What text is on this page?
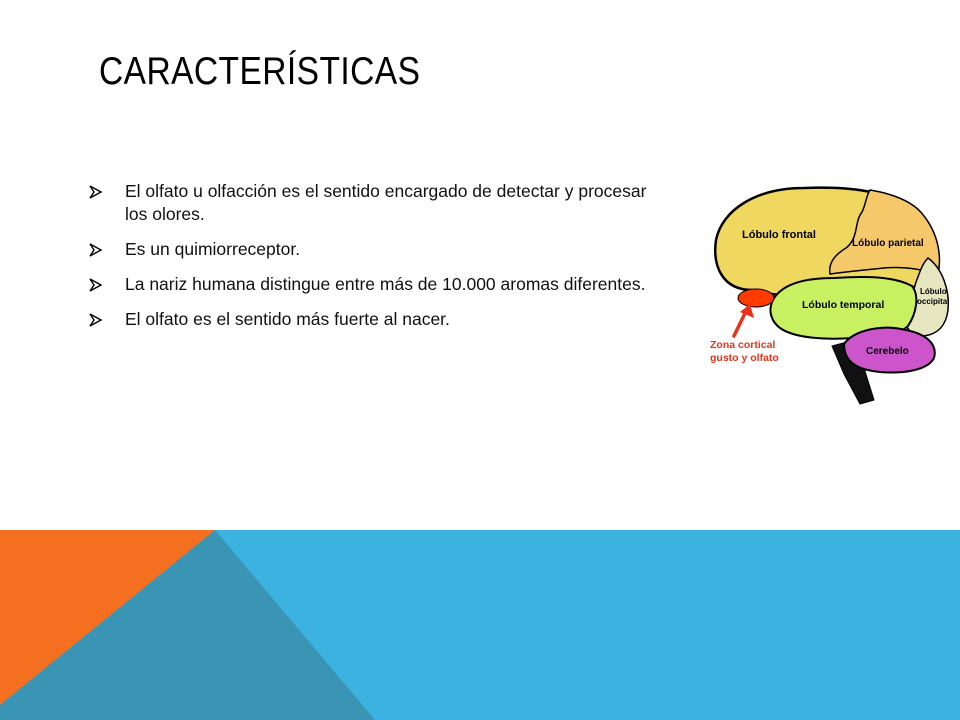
CARACTERÍSTICAS
El olfato u olfacción es el sentido encargado de detectar y procesar los olores.
Es un quimiorreceptor.
La nariz humana distingue entre más de 10.000 aromas diferentes.
El olfato es el sentido más fuerte al nacer.
Lóbulo frontal
Lóbulo parietal
Lóbulo
occipital
Lóbulo temporal
Cerebelo
Zona cortical
gusto y olfato
